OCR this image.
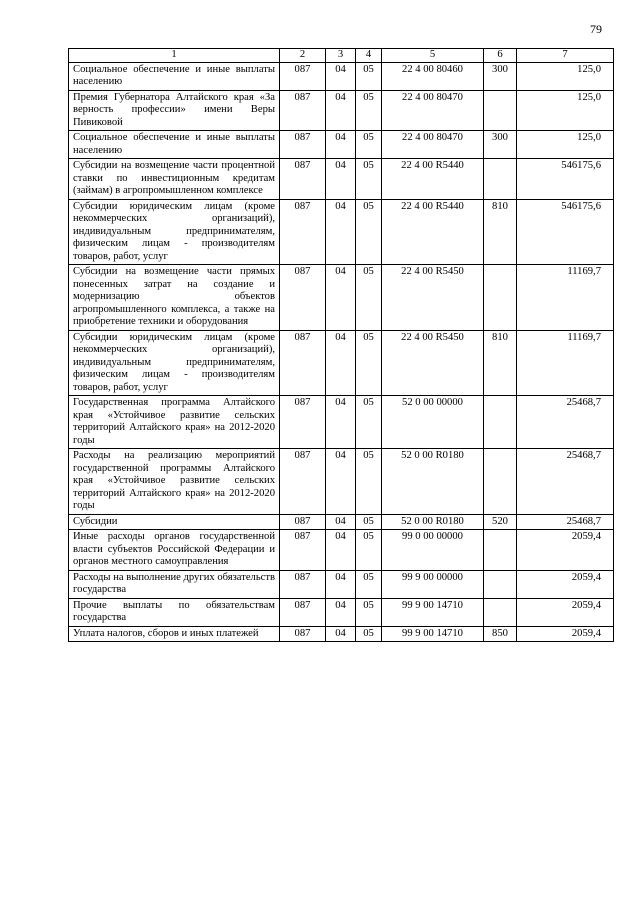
79
1	2	3	4	5	6	7
Социальное обеспечение и иные выплаты населению	087	04	05	22 4 00 80460	300	125,0
Премия Губернатора Алтайского края «За верность профессии» имени Веры Пивиковой	087	04	05	22 4 00 80470		125,0
Социальное обеспечение и иные выплаты населению	087	04	05	22 4 00 80470	300	125,0
Субсидии на возмещение части процентной ставки по инвестиционным кредитам (займам) в агропромышленном комплексе	087	04	05	22 4 00 R5440		546175,6
Субсидии юридическим лицам (кроме некоммерческих организаций), индивидуальным предпринимателям, физическим лицам - производителям товаров, работ, услуг	087	04	05	22 4 00 R5440	810	546175,6
Субсидии на возмещение части прямых понесенных затрат на создание и модернизацию объектов агропромышленного комплекса, а также на приобретение техники и оборудования	087	04	05	22 4 00 R5450		11169,7
Субсидии юридическим лицам (кроме некоммерческих организаций), индивидуальным предпринимателям, физическим лицам - производителям товаров, работ, услуг	087	04	05	22 4 00 R5450	810	11169,7
Государственная программа Алтайского края «Устойчивое развитие сельских территорий Алтайского края» на 2012-2020 годы	087	04	05	52 0 00 00000		25468,7
Расходы на реализацию мероприятий государственной программы Алтайского края «Устойчивое развитие сельских территорий Алтайского края» на 2012-2020 годы	087	04	05	52 0 00 R0180		25468,7
Субсидии	087	04	05	52 0 00 R0180	520	25468,7
Иные расходы органов государственной власти субъектов Российской Федерации и органов местного самоуправления	087	04	05	99 0 00 00000		2059,4
Расходы на выполнение других обязательств государства	087	04	05	99 9 00 00000		2059,4
Прочие выплаты по обязательствам государства	087	04	05	99 9 00 14710		2059,4
Уплата налогов, сборов и иных платежей	087	04	05	99 9 00 14710	850	2059,4
